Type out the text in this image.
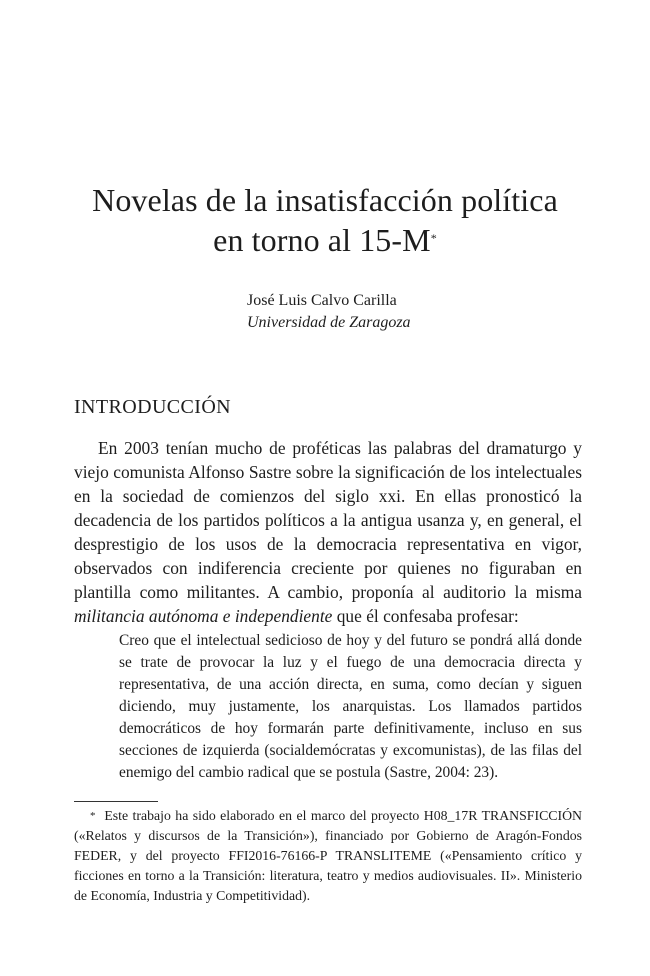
Novelas de la insatisfacción política
en torno al 15-M*
José Luis Calvo Carilla
Universidad de Zaragoza
INTRODUCCIÓN

En 2003 tenían mucho de proféticas las palabras del dramaturgo y viejo comunista Alfonso Sastre sobre la significación de los intelectuales en la sociedad de comienzos del siglo xxi. En ellas pronosticó la decadencia de los partidos políticos a la antigua usanza y, en general, el desprestigio de los usos de la democracia representativa en vigor, observados con indiferencia creciente por quienes no figuraban en plantilla como militantes. A cambio, proponía al auditorio la misma militancia autónoma e independiente que él confesaba profesar:

Creo que el intelectual sedicioso de hoy y del futuro se pondrá allá donde se trate de provocar la luz y el fuego de una democracia directa y representativa, de una acción directa, en suma, como decían y siguen diciendo, muy justamente, los anarquistas. Los llamados partidos democráticos de hoy formarán parte definitivamente, incluso en sus secciones de izquierda (socialdemócratas y excomunistas), de las filas del enemigo del cambio radical que se postula (Sastre, 2004: 23).

* Este trabajo ha sido elaborado en el marco del proyecto H08_17R TRANSFICCIÓN («Relatos y discursos de la Transición»), financiado por Gobierno de Aragón-Fondos FEDER, y del proyecto FFI2016-76166-P TRANSLITEME («Pensamiento crítico y ficciones en torno a la Transición: literatura, teatro y medios audiovisuales. II». Ministerio de Economía, Industria y Competitividad).
